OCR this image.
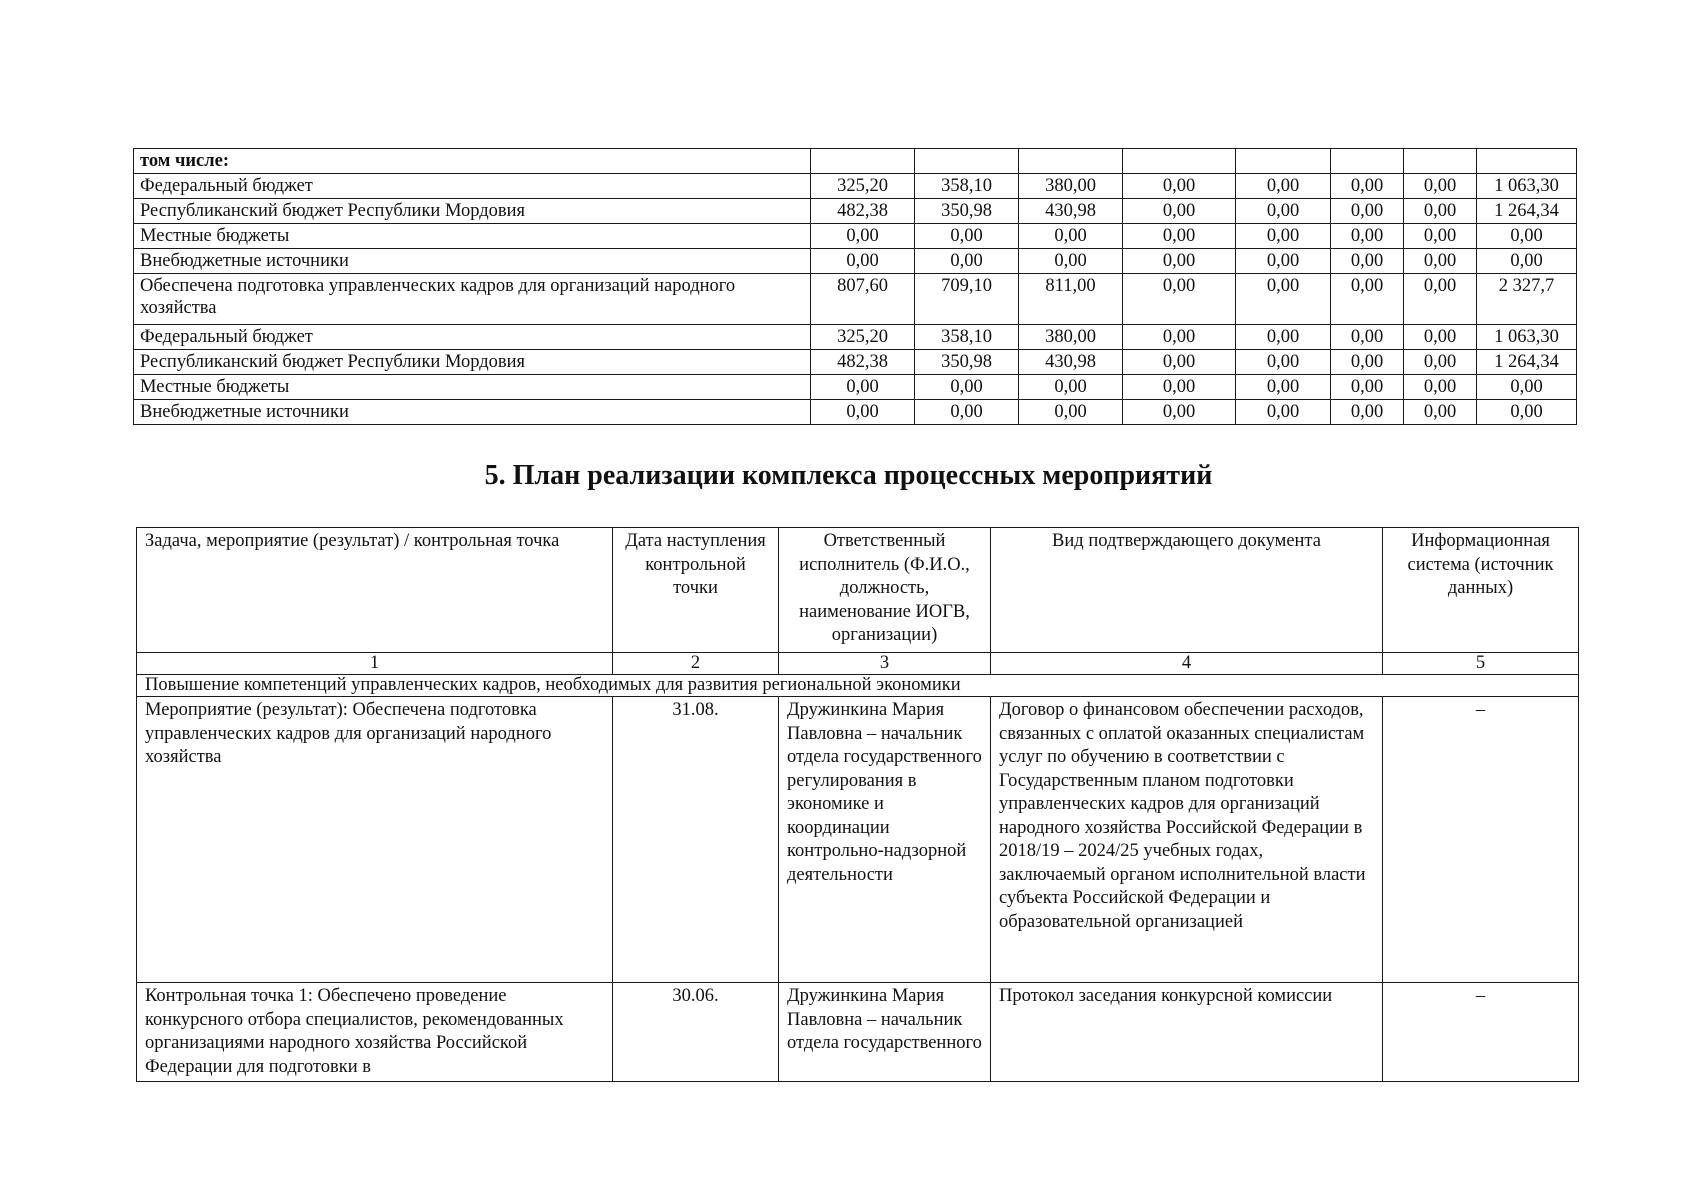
том числе:								
Федеральный бюджет	325,20	358,10	380,00	0,00	0,00	0,00	0,00	1 063,30
Республиканский бюджет Республики Мордовия	482,38	350,98	430,98	0,00	0,00	0,00	0,00	1 264,34
Местные бюджеты	0,00	0,00	0,00	0,00	0,00	0,00	0,00	0,00
Внебюджетные источники	0,00	0,00	0,00	0,00	0,00	0,00	0,00	0,00
Обеспечена подготовка управленческих кадров для организаций народного хозяйства	807,60	709,10	811,00	0,00	0,00	0,00	0,00	2 327,7
Федеральный бюджет	325,20	358,10	380,00	0,00	0,00	0,00	0,00	1 063,30
Республиканский бюджет Республики Мордовия	482,38	350,98	430,98	0,00	0,00	0,00	0,00	1 264,34
Местные бюджеты	0,00	0,00	0,00	0,00	0,00	0,00	0,00	0,00
Внебюджетные источники	0,00	0,00	0,00	0,00	0,00	0,00	0,00	0,00
5. План реализации комплекса процессных мероприятий
Задача, мероприятие (результат) / контрольная точка	Дата наступления контрольной точки	Ответственный исполнитель (Ф.И.О., должность, наименование ИОГВ, организации)	Вид подтверждающего документа	Информационная система (источник данных)
1	2	3	4	5
Повышение компетенций управленческих кадров, необходимых для развития региональной экономики				
Мероприятие (результат): Обеспечена подготовка управленческих кадров для организаций народного хозяйства	31.08.	Дружинкина Мария Павловна – начальник отдела государственного регулирования в экономике и координации контрольно-надзорной деятельности	Договор о финансовом обеспечении расходов, связанных с оплатой оказанных специалистам услуг по обучению в соответствии с Государственным планом подготовки управленческих кадров для организаций народного хозяйства Российской Федерации в 2018/19 – 2024/25 учебных годах, заключаемый органом исполнительной власти субъекта Российской Федерации и образовательной организацией	–

Контрольная точка 1: Обеспечено проведение конкурсного отбора специалистов, рекомендованных организациями народного хозяйства Российской Федерации для подготовки в	30.06.	Дружинкина Мария Павловна – начальник отдела государственного	Протокол заседания конкурсной комиссии	–
